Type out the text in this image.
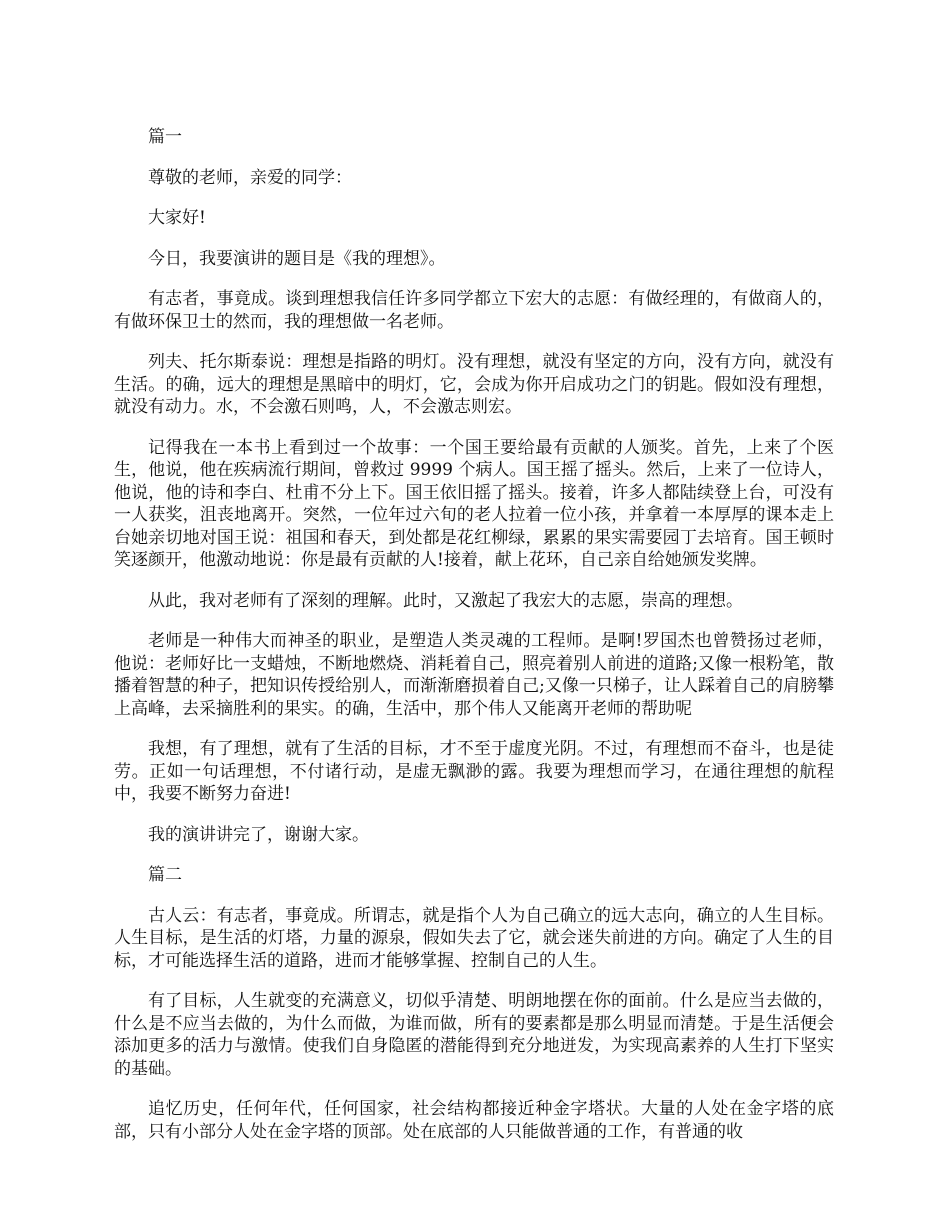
篇一

尊敬的老师，亲爱的同学：

大家好!

今日，我要演讲的题目是《我的理想》。

有志者，事竟成。谈到理想我信任许多同学都立下宏大的志愿：有做经理的，有做商人的，有做环保卫士的然而，我的理想做一名老师。

列夫、托尔斯泰说：理想是指路的明灯。没有理想，就没有坚定的方向，没有方向，就没有生活。的确，远大的理想是黑暗中的明灯，它，会成为你开启成功之门的钥匙。假如没有理想，就没有动力。水，不会激石则鸣，人，不会激志则宏。

记得我在一本书上看到过一个故事：一个国王要给最有贡献的人颁奖。首先，上来了个医生，他说，他在疾病流行期间，曾救过 9999 个病人。国王摇了摇头。然后，上来了一位诗人，他说，他的诗和李白、杜甫不分上下。国王依旧摇了摇头。接着，许多人都陆续登上台，可没有一人获奖，沮丧地离开。突然，一位年过六旬的老人拉着一位小孩，并拿着一本厚厚的课本走上台她亲切地对国王说：祖国和春天，到处都是花红柳绿，累累的果实需要园丁去培育。国王顿时笑逐颜开，他激动地说：你是最有贡献的人!接着，献上花环，自己亲自给她颁发奖牌。

从此，我对老师有了深刻的理解。此时，又激起了我宏大的志愿，崇高的理想。

老师是一种伟大而神圣的职业，是塑造人类灵魂的工程师。是啊!罗国杰也曾赞扬过老师，他说：老师好比一支蜡烛，不断地燃烧、消耗着自己，照亮着别人前进的道路;又像一根粉笔，散播着智慧的种子，把知识传授给别人，而渐渐磨损着自己;又像一只梯子，让人踩着自己的肩膀攀上高峰，去采摘胜利的果实。的确，生活中，那个伟人又能离开老师的帮助呢

我想，有了理想，就有了生活的目标，才不至于虚度光阴。不过，有理想而不奋斗，也是徒劳。正如一句话理想，不付诸行动，是虚无飘渺的露。我要为理想而学习，在通往理想的航程中，我要不断努力奋进!

我的演讲讲完了，谢谢大家。

篇二

古人云：有志者，事竟成。所谓志，就是指个人为自己确立的远大志向，确立的人生目标。人生目标，是生活的灯塔，力量的源泉，假如失去了它，就会迷失前进的方向。确定了人生的目标，才可能选择生活的道路，进而才能够掌握、控制自己的人生。

有了目标，人生就变的充满意义，切似乎清楚、明朗地摆在你的面前。什么是应当去做的，什么是不应当去做的，为什么而做，为谁而做，所有的要素都是那么明显而清楚。于是生活便会添加更多的活力与激情。使我们自身隐匿的潜能得到充分地迸发，为实现高素养的人生打下坚实的基础。

追忆历史，任何年代，任何国家，社会结构都接近种金字塔状。大量的人处在金字塔的底部，只有小部分人处在金字塔的顶部。处在底部的人只能做普通的工作，有普通的收
